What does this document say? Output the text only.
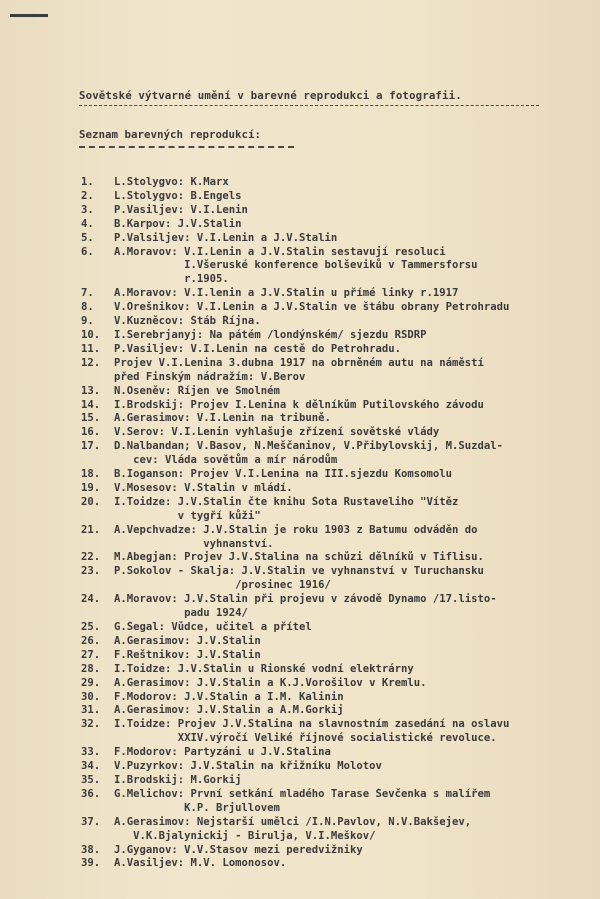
Sovětské výtvarné umění v barevné reprodukci a fotografii.
Seznam barevných reprodukcí:
1.	L.Stolygvo: K.Marx
2.	L.Stolygvo: B.Engels
3.	P.Vasiljev: V.I.Lenin
4.	B.Karpov: J.V.Stalin
5.	P.Valsiljev: V.I.Lenin a J.V.Stalin
6.	A.Moravov: V.I.Lenin a J.V.Stalin sestavují resoluci
I.Všeruské konference bolševiků v Tammersforsu
r.1905.
7.	A.Moravov: V.I.lenin a J.V.Stalin u přímé linky r.1917
8.	V.Orešnikov: V.I.Lenin a J.V.Stalin ve štábu obrany Petrohradu
9.	V.Kuzněcov: Štáb Října.
10.	I.Serebrjanyj: Na pátém /londýnském/ sjezdu RSDRP
11.	P.Vasiljev: V.I.Lenin na cestě do Petrohradu.
12.	Projev V.I.Lenina 3.dubna 1917 na obrněném autu na náměstí
před Finským nádražím: V.Berov
13.	N.Oseněv: Říjen ve Smolném
14.	I.Brodskij: Projev I.Lenina k dělníkům Putilovského závodu
15.	A.Gerasimov: V.I.Lenin na tribuně.
16.	V.Serov: V.I.Lenin vyhlašuje zřízení sovětské vlády
17.	D.Nalbandan; V.Basov, N.Meščaninov, V.Přibylovskij, M.Suzdal-
cev: Vláda sovětům a mír národům
18.	B.Ioganson: Projev V.I.Lenina na III.sjezdu Komsomolu
19.	V.Mosesov: V.Stalin v mládí.
20.	I.Toidze: J.V.Stalin čte knihu Šota Rustaveliho "Vítěz
v tygří kůži"
21.	A.Vepchvadze: J.V.Stalin je roku 1903 z Batumu odváděn do
vyhnanství.
22.	M.Abegjan: Projev J.V.Stalina na schůzi dělníků v Tiflisu.
23.	P.Sokolov - Skalja: J.V.Stalin ve vyhnanství v Turuchansku
/prosinec 1916/
24.	A.Moravov: J.V.Stalin při projevu v závodě Dynamo /17.listo-
padu 1924/
25.	G.Šegal: Vůdce, učitel a přítel
26.	A.Gerasimov: J.V.Stalin
27.	F.Reštnikov: J.V.Stalin
28.	I.Toidze: J.V.Stalin u Rionské vodní elektrárny
29.	A.Gerasimov: J.V.Stalin a K.J.Vorošilov v Kremlu.
30.	F.Modorov: J.V.Stalin a I.M. Kalinin
31.	A.Gerasimov: J.V.Stalin a A.M.Gorkij
32.	I.Toidze: Projev J.V.Stalina na slavnostním zasedání na oslavu
XXIV.výročí Veliké říjnové socialistické revoluce.
33.	F.Modorov: Partyzáni u J.V.Stalina
34.	V.Puzyrkov: J.V.Stalin na křižníku Molotov
35.	I.Brodskij: M.Gorkij
36.	G.Melichov: První setkání mladého Tarase Ševčenka s malířem
K.P. Brjullovem
37.	A.Gerasimov: Nejstarší umělci /I.N.Pavlov, N.V.Bakšejev,
V.K.Bjalynickij - Birulja, V.I.Meškov/
38.	J.Gyganov: V.V.Stasov mezi peredvižniky
39.	A.Vasiljev: M.V. Lomonosov.
